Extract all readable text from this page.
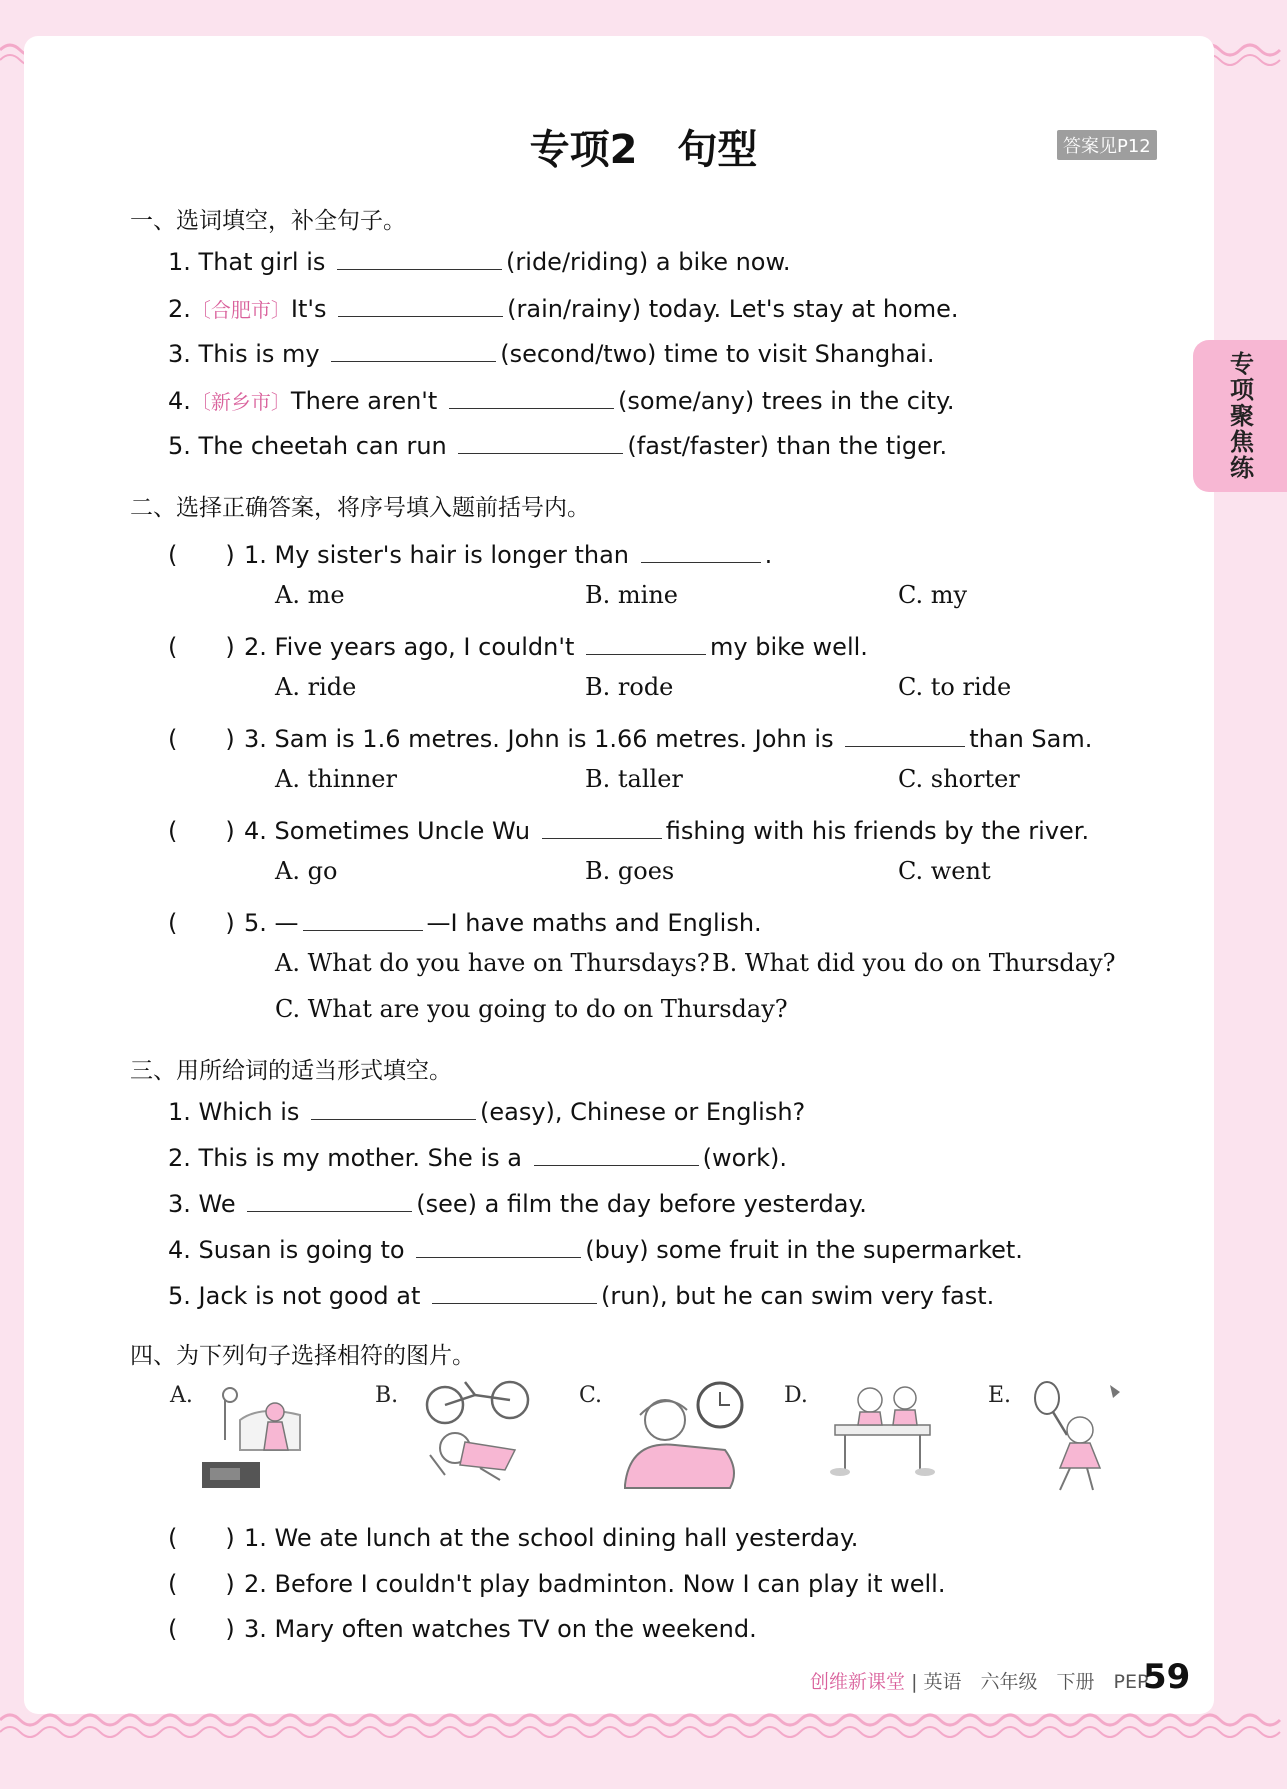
专项聚焦练
专项2　句型	答案见P12
一、选词填空，补全句子。
1. That girl is	(ride/riding) a bike now.
2.〔合肥市〕It's	(rain/rainy) today. Let's stay at home.
3. This is my	(second/two) time to visit Shanghai.
4.〔新乡市〕There aren't	(some/any) trees in the city.
5. The cheetah can run	(fast/faster) than the tiger.
二、选择正确答案，将序号填入题前括号内。
(　　) 1. My sister's hair is longer than	.
A. me	B. mine	C. my
(　　) 2. Five years ago, I couldn't	my bike well.
A. ride	B. rode	C. to ride
(　　) 3. Sam is 1.6 metres. John is 1.66 metres. John is	than Sam.
A. thinner	B. taller	C. shorter
(　　) 4. Sometimes Uncle Wu	fishing with his friends by the river.
A. go	B. goes	C. went
(　　) 5. —	—I have maths and English.
A. What do you have on Thursdays? B. What did you do on Thursday?
C. What are you going to do on Thursday?
三、用所给词的适当形式填空。
1. Which is	(easy), Chinese or English?
2. This is my mother. She is a	(work).
3. We	(see) a film the day before yesterday.
4. Susan is going to	(buy) some fruit in the supermarket.
5. Jack is not good at	(run), but he can swim very fast.
四、为下列句子选择相符的图片。
A.	B.	C.	D.	E.
(　　) 1. We ate lunch at the school dining hall yesterday.
(　　) 2. Before I couldn't play badminton. Now I can play it well.
(　　) 3. Mary often watches TV on the weekend.
创维新课堂 | 英语　六年级　下册　PEP
59
